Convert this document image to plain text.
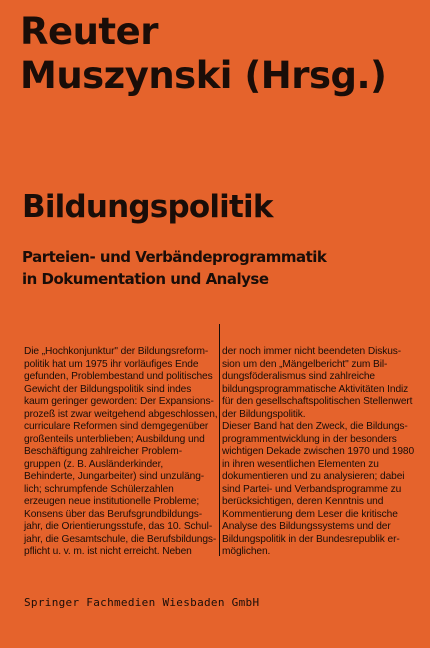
Reuter
Muszynski (Hrsg.)
Bildungspolitik
Parteien- und Verbändeprogrammatik
in Dokumentation und Analyse
Die „Hochkonjunktur" der Bildungsreform-
politik hat um 1975 ihr vorläufiges Ende
gefunden, Problembestand und politisches
Gewicht der Bildungspolitik sind indes
kaum geringer geworden: Der Expansions-
prozeß ist zwar weitgehend abgeschlossen,
curriculare Reformen sind demgegenüber
großenteils unterblieben; Ausbildung und
Beschäftigung zahlreicher Problem-
gruppen (z. B. Ausländerkinder,
Behinderte, Jungarbeiter) sind unzuläng-
lich; schrumpfende Schülerzahlen
erzeugen neue institutionelle Probleme;
Konsens über das Berufsgrundbildungs-
jahr, die Orientierungsstufe, das 10. Schul-
jahr, die Gesamtschule, die Berufsbildungs-
pflicht u. v. m. ist nicht erreicht. Neben
der noch immer nicht beendeten Diskus-
sion um den „Mängelbericht" zum Bil-
dungsföderalismus sind zahlreiche
bildungsprogrammatische Aktivitäten Indiz
für den gesellschaftspolitischen Stellenwert
der Bildungspolitik.
Dieser Band hat den Zweck, die Bildungs-
programmentwicklung in der besonders
wichtigen Dekade zwischen 1970 und 1980
in ihren wesentlichen Elementen zu
dokumentieren und zu analysieren; dabei
sind Partei- und Verbandsprogramme zu
berücksichtigen, deren Kenntnis und
Kommentierung dem Leser die kritische
Analyse des Bildungssystems und der
Bildungspolitik in der Bundesrepublik er-
möglichen.
Springer Fachmedien Wiesbaden GmbH
